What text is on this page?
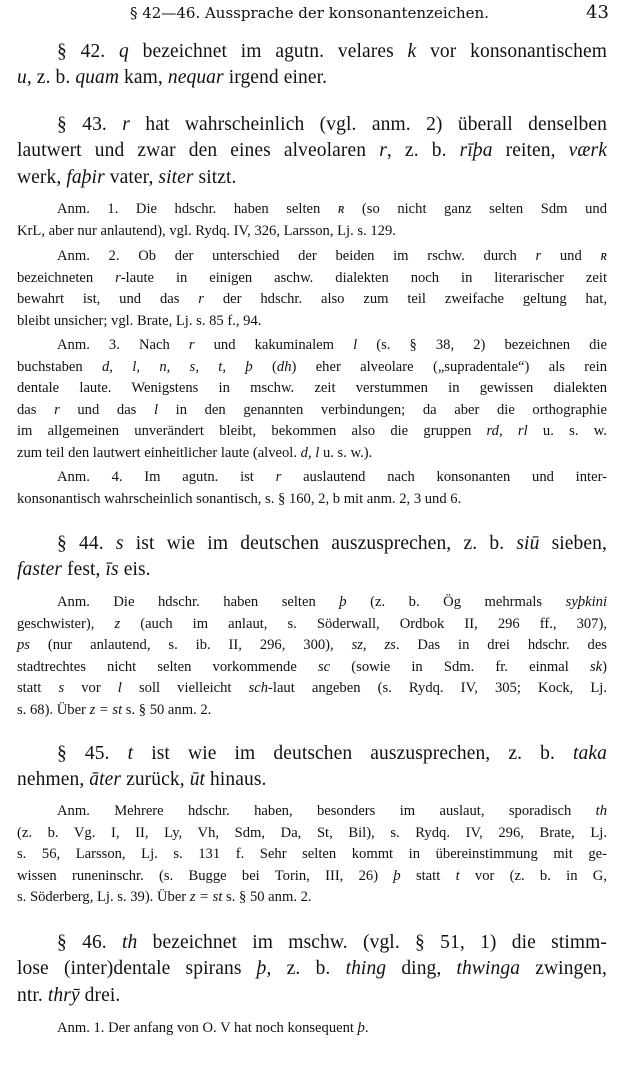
§ 42—46. Aussprache der konsonantenzeichen.	43
§ 42. q bezeichnet im agutn. velares k vor konsonantischem
u, z. b. quam kam, nequar irgend einer.
§ 43. r hat wahrscheinlich (vgl. anm. 2) überall denselben
lautwert und zwar den eines alveolaren r, z. b. rīþa reiten, værk
werk, faþir vater, siter sitzt.
Anm. 1. Die hdschr. haben selten ʀ (so nicht ganz selten Sdm und
KrL, aber nur anlautend), vgl. Rydq. IV, 326, Larsson, Lj. s. 129.
Anm. 2. Ob der unterschied der beiden im rschw. durch r und ʀ
bezeichneten r-laute in einigen aschw. dialekten noch in literarischer zeit
bewahrt ist, und das r der hdschr. also zum teil zweifache geltung hat,
bleibt unsicher; vgl. Brate, Lj. s. 85 f., 94.
Anm. 3. Nach r und kakuminalem l (s. § 38, 2) bezeichnen die
buchstaben d, l, n, s, t, þ (dh) eher alveolare („supradentale“) als rein
dentale laute. Wenigstens in mschw. zeit verstummen in gewissen dialekten
das r und das l in den genannten verbindungen; da aber die orthographie
im allgemeinen unverändert bleibt, bekommen also die gruppen rd, rl u. s. w.
zum teil den lautwert einheitlicher laute (alveol. d, l u. s. w.).
Anm. 4. Im agutn. ist r auslautend nach konsonanten und inter-
konsonantisch wahrscheinlich sonantisch, s. § 160, 2, b mit anm. 2, 3 und 6.
§ 44. s ist wie im deutschen auszusprechen, z. b. siū sieben,
faster fest, īs eis.
Anm. Die hdschr. haben selten þ (z. b. Ög mehrmals syþkini
geschwister), z (auch im anlaut, s. Söderwall, Ordbok II, 296 ff., 307),
ps (nur anlautend, s. ib. II, 296, 300), sz, zs. Das in drei hdschr. des
stadtrechtes nicht selten vorkommende sc (sowie in Sdm. fr. einmal sk)
statt s vor l soll vielleicht sch-laut angeben (s. Rydq. IV, 305; Kock, Lj.
s. 68). Über z = st s. § 50 anm. 2.
§ 45. t ist wie im deutschen auszusprechen, z. b. taka
nehmen, āter zurück, ūt hinaus.
Anm. Mehrere hdschr. haben, besonders im auslaut, sporadisch th
(z. b. Vg. I, II, Ly, Vh, Sdm, Da, St, Bil), s. Rydq. IV, 296, Brate, Lj.
s. 56, Larsson, Lj. s. 131 f. Sehr selten kommt in übereinstimmung mit ge-
wissen runeninschr. (s. Bugge bei Torin, III, 26) þ statt t vor (z. b. in G,
s. Söderberg, Lj. s. 39). Über z = st s. § 50 anm. 2.
§ 46. th bezeichnet im mschw. (vgl. § 51, 1) die stimm-
lose (inter)dentale spirans þ, z. b. thing ding, thwinga zwingen,
ntr. thrȳ drei.
Anm. 1. Der anfang von O. V hat noch konsequent þ.
